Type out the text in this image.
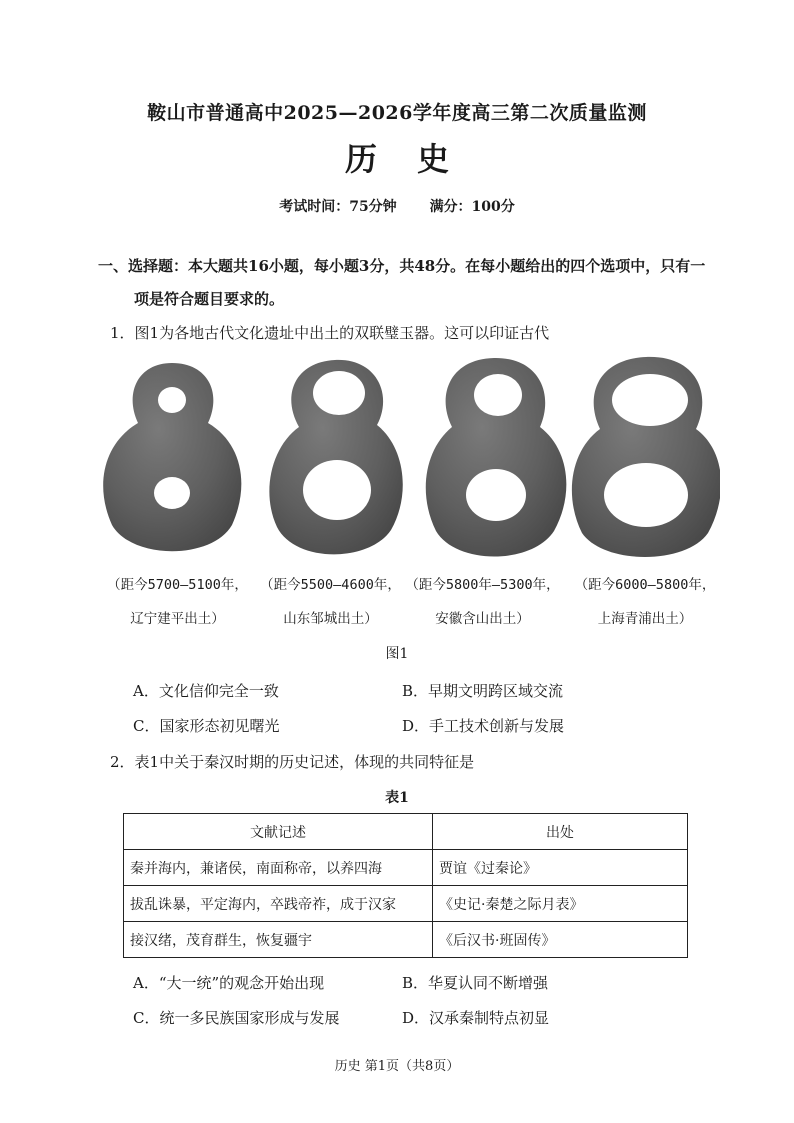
鞍山市普通高中2025—2026学年度高三第二次质量监测
历史
考试时间：75分钟 满分：100分
一、选择题：本大题共16小题，每小题3分，共48分。在每小题给出的四个选项中，只有一
项是符合题目要求的。
1．图1为各地古代文化遗址中出土的双联璧玉器。这可以印证古代
（距今5700—5100年，
辽宁建平出土）
（距今5500—4600年，
山东邹城出土）
（距今5800年—5300年，
安徽含山出土）
（距今6000—5800年，
上海青浦出土）
图1
A．文化信仰完全一致	B．早期文明跨区域交流
C．国家形态初见曙光	D．手工技术创新与发展
2．表1中关于秦汉时期的历史记述，体现的共同特征是
表1
文献记述	出处
秦并海内，兼诸侯，南面称帝，以养四海	贾谊《过秦论》
拔乱诛暴，平定海内，卒践帝祚，成于汉家	《史记·秦楚之际月表》
接汉绪，茂育群生，恢复疆宇	《后汉书·班固传》
A．“大一统”的观念开始出现	B．华夏认同不断增强
C．统一多民族国家形成与发展	D．汉承秦制特点初显
历史 第1页（共8页）
